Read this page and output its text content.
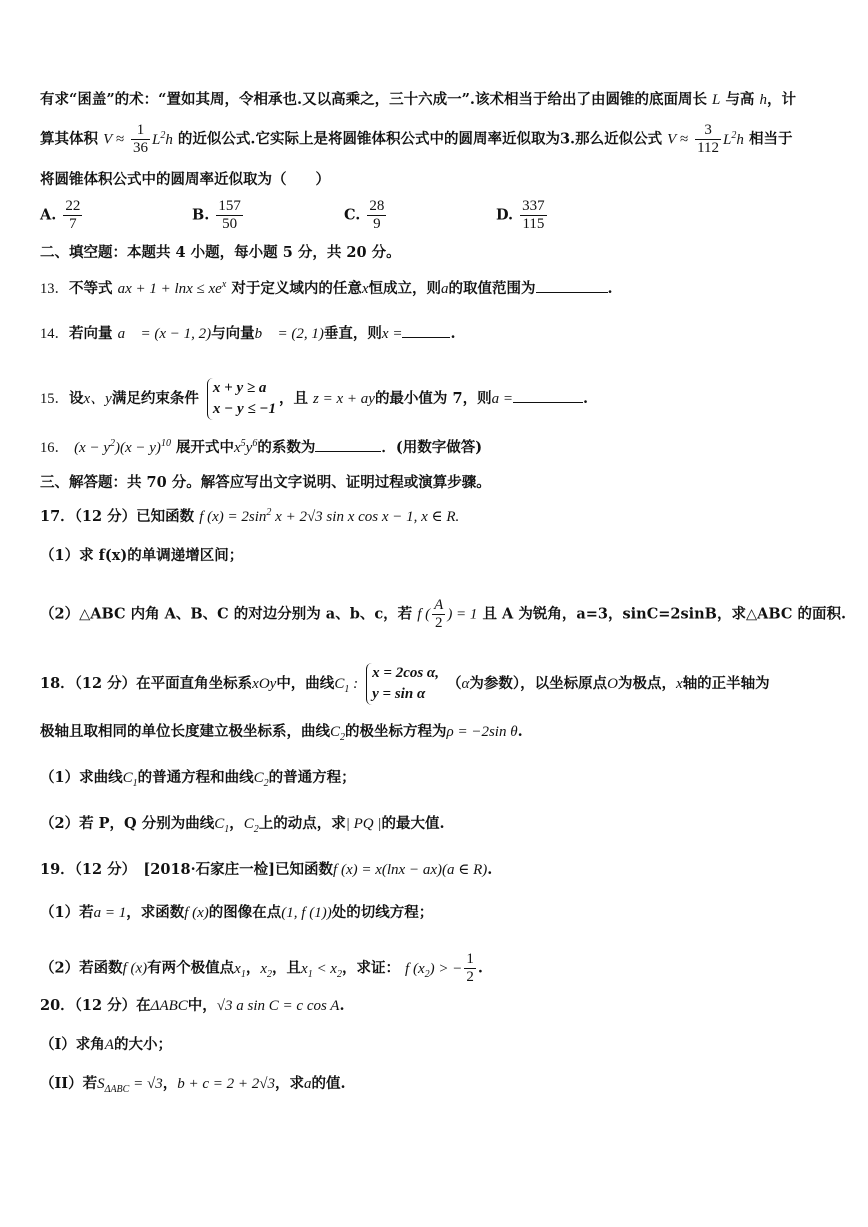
有求“囷盖”的术：“置如其周，令相承也.又以高乘之，三十六成一”.该术相当于给出了由圆锥的底面周长 L 与高 h，计
算其体积 $V \approx \frac{1}{36} L^2h$ 的近似公式.它实际上是将圆锥体积公式中的圆周率近似取为3.那么近似公式 $V \approx \frac{3}{112} L^2h$ 相当于
将圆锥体积公式中的圆周率近似取为（　　）
A. $\frac{22}{7}$	B. $\frac{157}{50}$	C. $\frac{28}{9}$	D. $\frac{337}{115}$
二、填空题：本题共 4 小题，每小题 5 分，共 20 分。
13．不等式 ax + $1 + \ln x \le xe^x$ 对于定义域内的任意x恒成立，则a的取值范围为	.
14．若向量 a⃗ = (x − 1, 2)与向量b⃗ = (2, 1)垂直，则x =	.
15．设x、y满足约束条件 x + y ≥ a
x − y ≤ −1，且 z = x + ay的最小值为 7，则a =	.
16． $(x - y^2)(x - y)^{10}$ 展开式中$x^5y^6$的系数为	．(用数字做答)
三、解答题：共 70 分。解答应写出文字说明、证明过程或演算步骤。
17．（12 分）已知函数 f $(x) = 2\sin^2$ x + 2√3 sin x cos x − 1, x ∈ R.
（1）求 f(x)的单调递增区间；
（2）△ABC 内角 A、B、C 的对边分别为 a、b、c，若 f ( $\frac{A}{2}$ ) = 1 且 A 为锐角，a=3，sinC=2sinB，求△ABC 的面积.
18．（12 分）在平面直角坐标系xOy中，曲线$C_1$ : x = 2cos α,
y = sin α （α为参数），以坐标原点O为极点，x轴的正半轴为
极轴且取相同的单位长度建立极坐标系，曲线$C_2$的极坐标方程为ρ = −2sin θ.
（1）求曲线$C_1$的普通方程和曲线$C_2$的普通方程；
（2）若 P，Q 分别为曲线$C_1$，$C_2$上的动点，求| PQ |的最大值.
19．（12 分）　[2018·石家庄一检]已知函数f (x) = x(lnx − ax)(a ∈ R).
（1）若a = 1，求函数f (x)的图像在点(1, f (1))处的切线方程；
（2）若函数f (x)有两个极值点$x_1$，$x_2$，且$x_1 < x_2$，求证： f $(x_2)$ > − $\frac{1}{2}$ .
20．（12 分）在ΔABC中，√3 a sin C = c cos A.
（I）求角A的大小；
（II）若$S_{\Delta ABC} = √3$，b + c = 2 + 2√3，求a的值.
